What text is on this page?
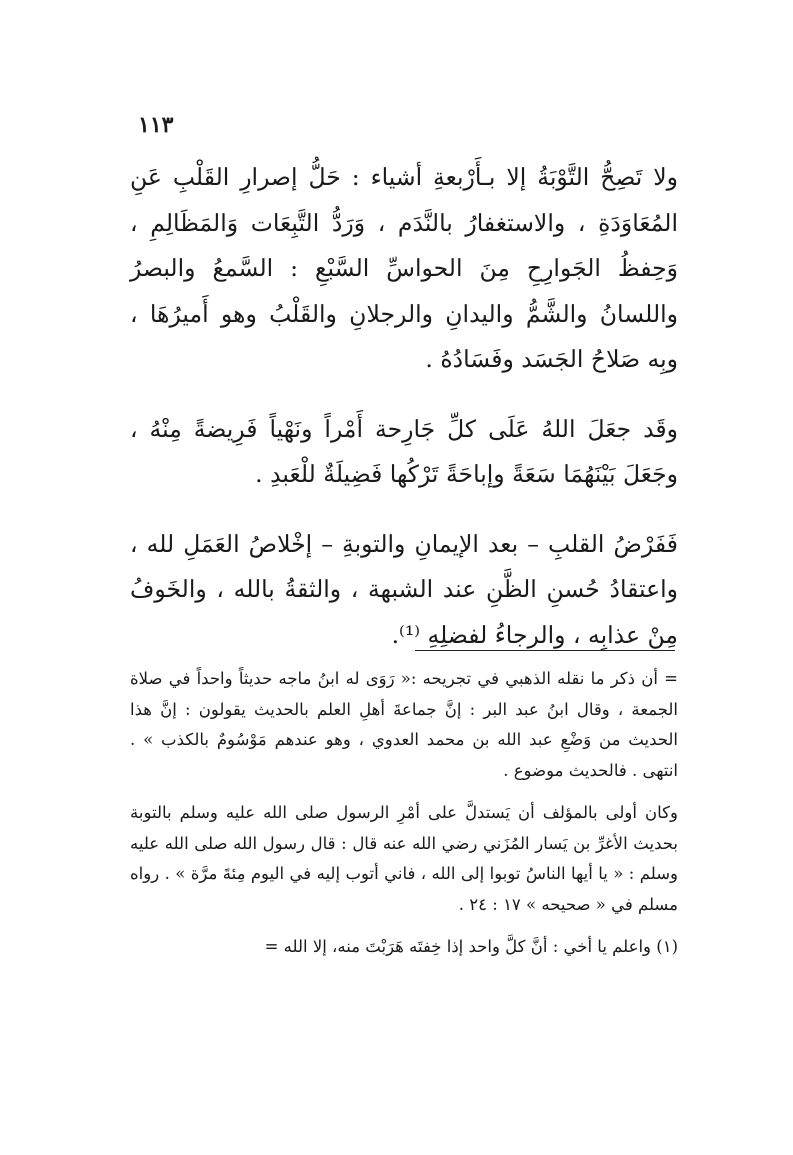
١١٣

ولا تَصِحُّ التَّوْبَةُ إلا بـأَرْبعةِ أشياء : حَلُّ إصرارِ القَلْبِ عَنِ المُعَاوَدَةِ ، والاستغفارُ بالنَّدَم ، وَرَدُّ التَّبِعَات وَالمَظَالِمِ ، وَحِفظُ الجَوارِحِ مِنَ الحواسِّ السَّبْعِ : السَّمعُ والبصرُ واللسانُ والشَّمُّ واليدانِ والرجلانِ والقَلْبُ وهو أَميرُهَا ، وبِه صَلاحُ الجَسَد وفَسَادُهُ .

وقَد جعَلَ اللهُ عَلَى كلِّ جَارِحة أَمْراً ونَهْياً فَرِيضةً مِنْهُ ، وجَعَلَ بَيْنَهُمَا سَعَةً وإباحَةً تَرْكُها فَضِيلَةٌ للْعَبدِ .

فَفَرْضُ القلبِ – بعد الإيمانِ والتوبةِ – إخْلاصُ العَمَلِ لله ، واعتقادُ حُسنِ الظَّنِ عند الشبهة ، والثقةُ بالله ، والخَوفُ مِنْ عذابِه ، والرجاءُ لفضلِهِ ⁽¹⁾.

= أن ذكر ما نقله الذهبي في تجريحه :« رَوَى له ابنُ ماجه حديثاً واحداً في صلاة الجمعة ، وقال ابنُ عبد البر : إنَّ جماعةَ أهلِ العلم بالحديث يقولون : إنَّ هذا الحديث من وَضْعِ عبد الله بن محمد العدوي ، وهو عندهم مَوْسُومٌ بالكذب » . انتهى . فالحديث موضوع .

وكان أولى بالمؤلف أن يَستدلَّ على أمْرِ الرسول صلى الله عليه وسلم بالتوبة بحديث الأغرِّ بن يَسار المُزَني رضي الله عنه قال : قال رسول الله صلى الله عليه وسلم : « يا أيها الناسُ توبوا إلى الله ، فاني أتوب إليه في اليوم مِئةَ مرَّة » . رواه مسلم في « صحيحه » ١٧ : ٢٤ .

(١) واعلم يا أخي : أنَّ كلَّ واحد إذا خِفتَه هَرَبْتَ منه، إلا الله =
